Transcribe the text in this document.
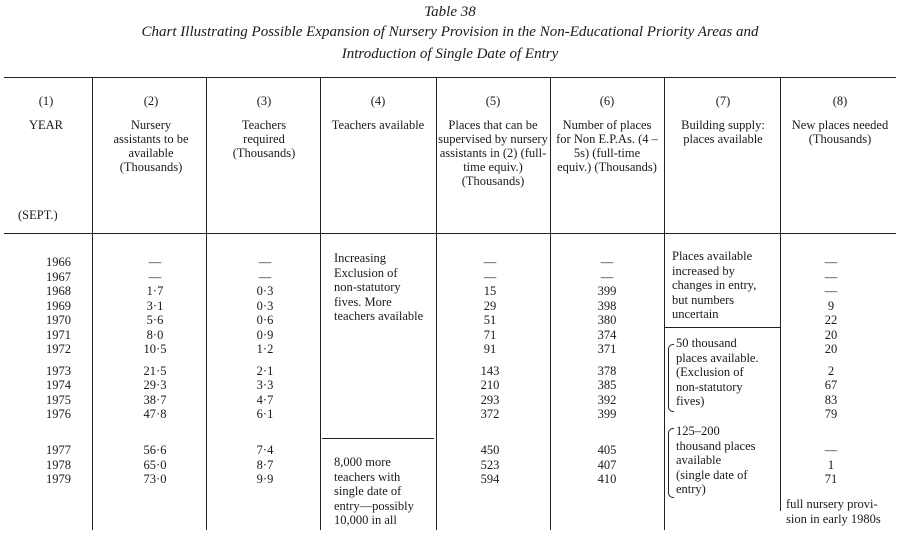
Table 38
Chart Illustrating Possible Expansion of Nursery Provision in the Non-Educational Priority Areas and
Introduction of Single Date of Entry
(1)
YEAR
(SEPT.)
(2)
Nursery assistants to be available (Thousands)
(3)
Teachers required (Thousands)
(4)
Teachers available
(5)
Places that can be supervised by nursery assistants in (2) (full-time equiv.) (Thousands)
(6)
Number of places for Non E.P.As. (4 – 5s) (full-time equiv.) (Thousands)
(7)
Building supply: places available
(8)
New places needed (Thousands)
1966
1967
1968
1969
1970
1971
1972
1973
1974
1975
1976
1977
1978
1979
—
—
1·7
3·1
5·6
8·0
10·5
21·5
29·3
38·7
47·8
56·6
65·0
73·0
—
—
0·3
0·3
0·6
0·9
1·2
2·1
3·3
4·7
6·1
7·4
8·7
9·9
—
—
15
29
51
71
91
143
210
293
372
450
523
594
—
—
399
398
380
374
371
378
385
392
399
405
407
410
—
—
—
9
22
20
20
2
67
83
79
—
1
71
Increasing
Exclusion of
non-statutory
fives. More
teachers available
8,000 more
teachers with
single date of
entry—possibly
10,000 in all
Places available
increased by
changes in entry,
but numbers
uncertain
50 thousand
places available.
(Exclusion of
non-statutory
fives)
125–200
thousand places
available
(single date of
entry)
full nursery provi-
sion in early 1980s
